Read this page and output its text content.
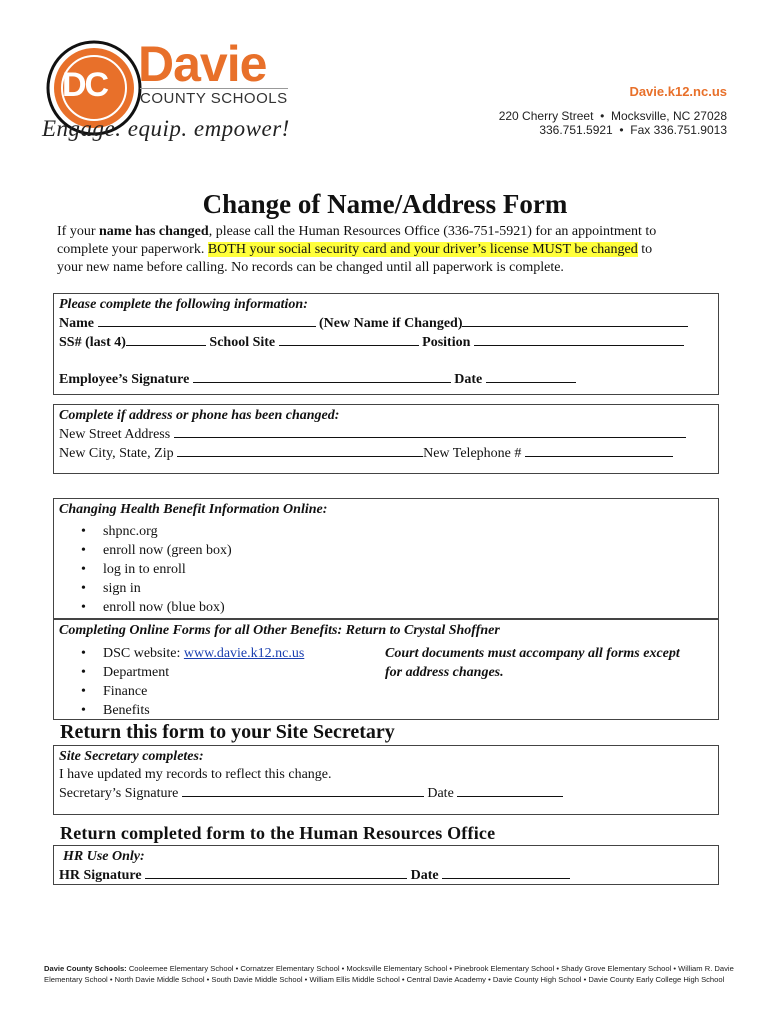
DC Davie
COUNTY SCHOOLS
Engage. equip. empower!
Davie.k12.nc.us
220 Cherry Street  •  Mocksville, NC 27028
336.751.5921  •  Fax 336.751.9013
Change of Name/Address Form
If your name has changed, please call the Human Resources Office (336-751-5921) for an appointment to
complete your paperwork. BOTH your social security card and your driver’s license MUST be changed to
your new name before calling. No records can be changed until all paperwork is complete.
Please complete the following information:
Name	(New Name if Changed)
SS# (last 4)	School Site	Position
Employee’s Signature	Date
Complete if address or phone has been changed:
New Street Address
New City, State, Zip	New Telephone #
Changing Health Benefit Information Online:
• shpnc.org
• enroll now (green box)
• log in to enroll
• sign in
• enroll now (blue box)
Completing Online Forms for all Other Benefits: Return to Crystal Shoffner
• DSC website: www.davie.k12.nc.us
• Department
• Finance
• Benefits
Court documents must accompany all forms except
for address changes.
Return this form to your Site Secretary
Site Secretary completes:
I have updated my records to reflect this change.
Secretary’s Signature	Date
Return completed form to the Human Resources Office
HR Use Only:
HR Signature	Date
Davie County Schools: Cooleemee Elementary School • Cornatzer Elementary School • Mocksville Elementary School • Pinebrook Elementary School • Shady Grove Elementary School • William R. Davie
Elementary School • North Davie Middle School • South Davie Middle School • William Ellis Middle School • Central Davie Academy • Davie County High School • Davie County Early College High School
